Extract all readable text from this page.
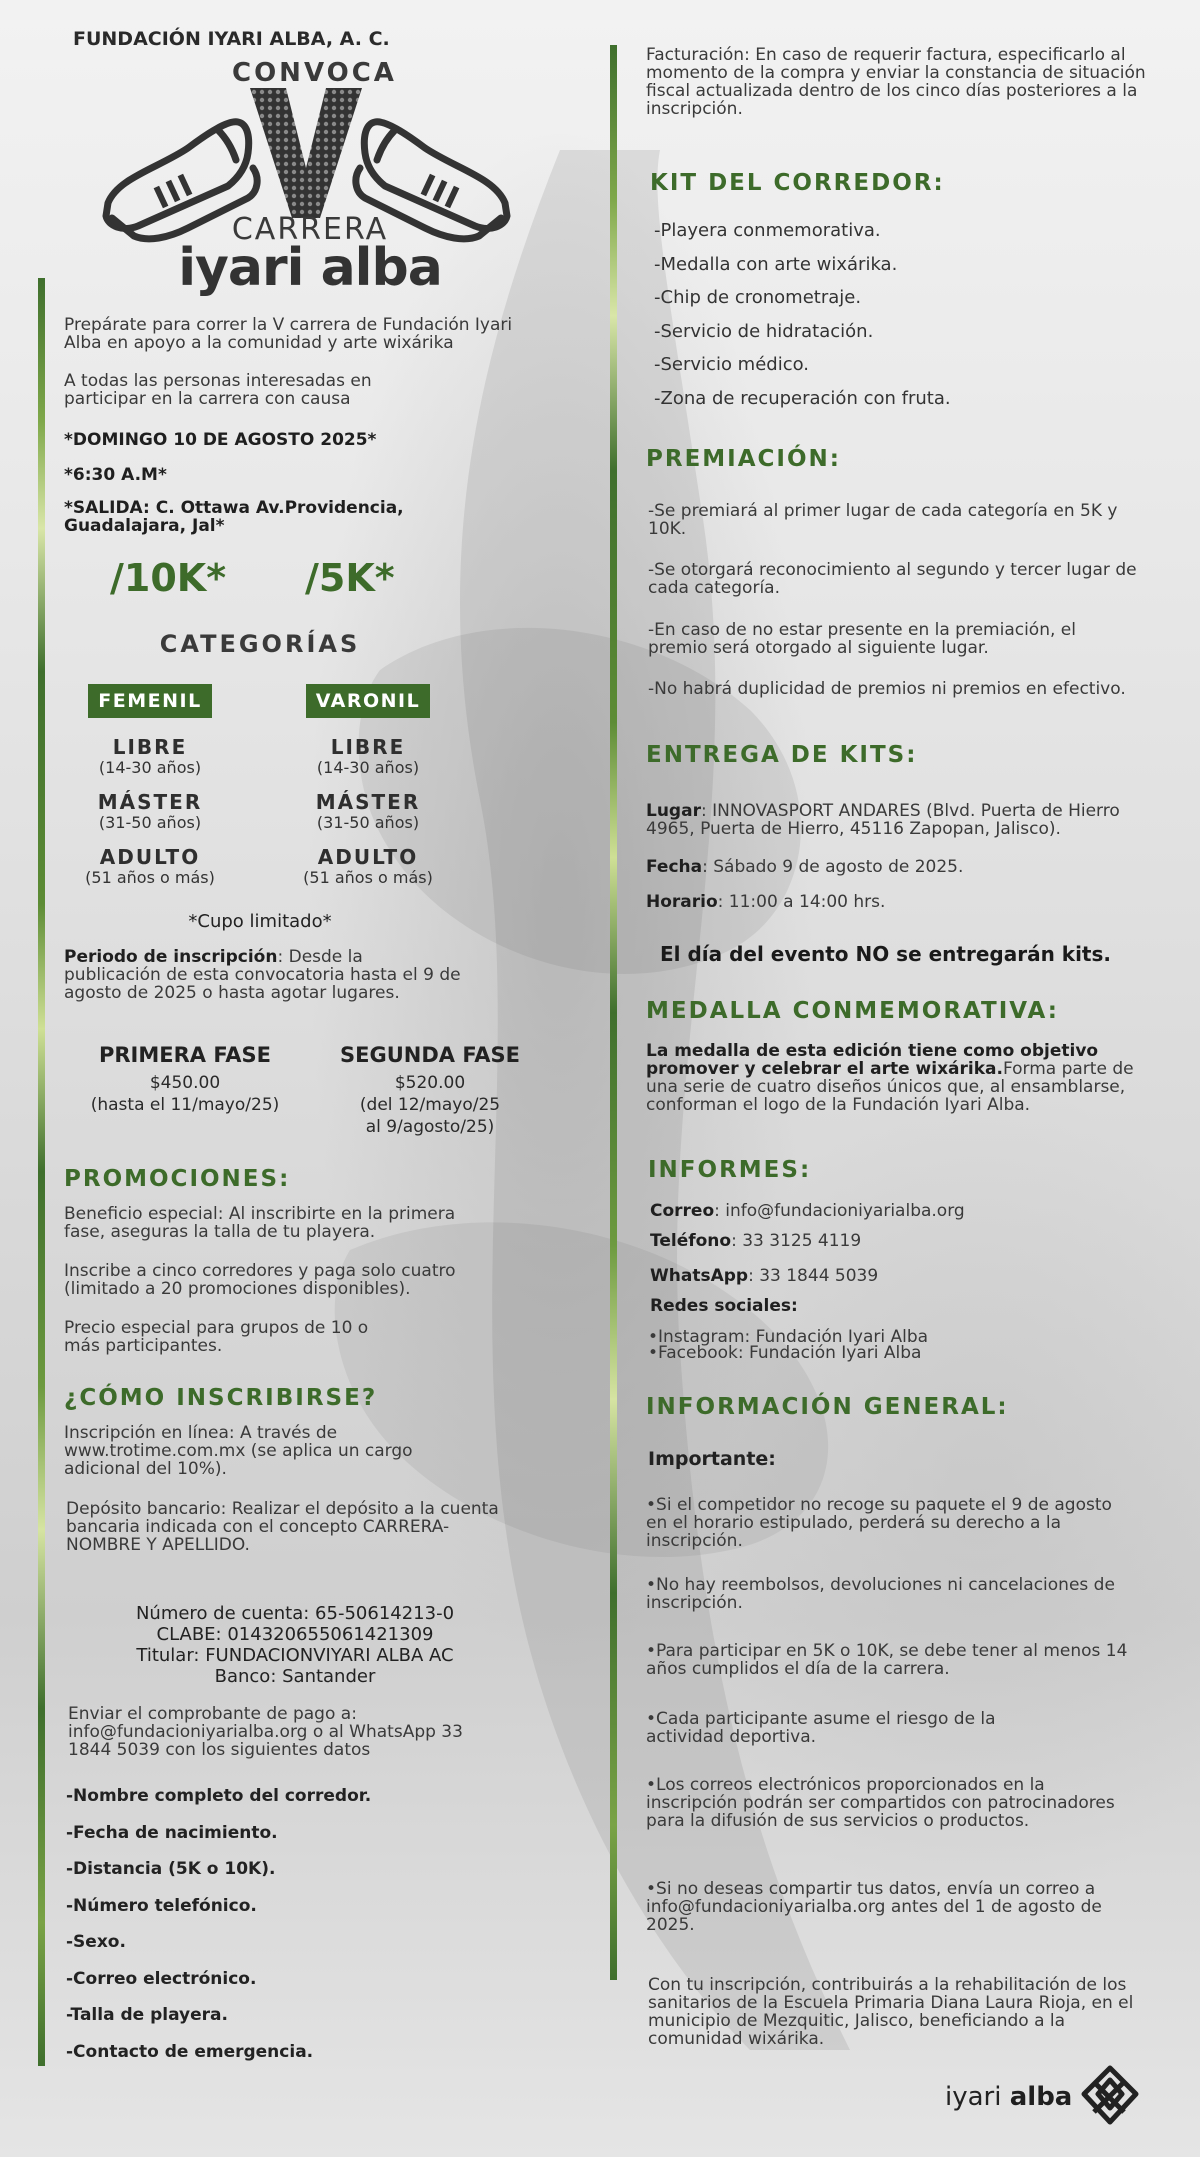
FUNDACIÓN IYARI ALBA, A. C.
CONVOCA
CARRERA
iyari alba
Prepárate para correr la V carrera de Fundación Iyari Alba en apoyo a la comunidad y arte wixárika
A todas las personas interesadas en participar en la carrera con causa
*DOMINGO 10 DE AGOSTO 2025*
*6:30 A.M*
*SALIDA: C. Ottawa Av.Providencia, Guadalajara, Jal*
/10K* /5K*
CATEGORÍAS
FEMENIL	VARONIL
LIBRE
(14-30 años)
MÁSTER
(31-50 años)
ADULTO
(51 años o más)
LIBRE
(14-30 años)
MÁSTER
(31-50 años)
ADULTO
(51 años o más)
*Cupo limitado*
Periodo de inscripción: Desde la publicación de esta convocatoria hasta el 9 de agosto de 2025 o hasta agotar lugares.
PRIMERA FASE
$450.00
(hasta el 11/mayo/25)
SEGUNDA FASE
$520.00
(del 12/mayo/25
al 9/agosto/25)
PROMOCIONES:
Beneficio especial: Al inscribirte en la primera fase, aseguras la talla de tu playera.
Inscribe a cinco corredores y paga solo cuatro (limitado a 20 promociones disponibles).
Precio especial para grupos de 10 o más participantes.
¿CÓMO INSCRIBIRSE?
Inscripción en línea: A través de www.trotime.com.mx (se aplica un cargo adicional del 10%).
Depósito bancario: Realizar el depósito a la cuenta bancaria indicada con el concepto CARRERA- NOMBRE Y APELLIDO.
Número de cuenta: 65-50614213-0
CLABE: 014320655061421309
Titular: FUNDACIONVIYARI ALBA AC
Banco: Santander
Enviar el comprobante de pago a: info@fundacioniyarialba.org o al WhatsApp 33 1844 5039 con los siguientes datos
-Nombre completo del corredor.
-Fecha de nacimiento.
-Distancia (5K o 10K).
-Número telefónico.
-Sexo.
-Correo electrónico.
-Talla de playera.
-Contacto de emergencia.
Facturación: En caso de requerir factura, especificarlo al momento de la compra y enviar la constancia de situación fiscal actualizada dentro de los cinco días posteriores a la inscripción.
KIT DEL CORREDOR:
-Playera conmemorativa.
-Medalla con arte wixárika.
-Chip de cronometraje.
-Servicio de hidratación.
-Servicio médico.
-Zona de recuperación con fruta.
PREMIACIÓN:
-Se premiará al primer lugar de cada categoría en 5K y 10K.
-Se otorgará reconocimiento al segundo y tercer lugar de cada categoría.
-En caso de no estar presente en la premiación, el premio será otorgado al siguiente lugar.
-No habrá duplicidad de premios ni premios en efectivo.
ENTREGA DE KITS:
Lugar: INNOVASPORT ANDARES (Blvd. Puerta de Hierro 4965, Puerta de Hierro, 45116 Zapopan, Jalisco).
Fecha: Sábado 9 de agosto de 2025.
Horario: 11:00 a 14:00 hrs.
El día del evento NO se entregarán kits.
MEDALLA CONMEMORATIVA:
La medalla de esta edición tiene como objetivo promover y celebrar el arte wixárika.Forma parte de una serie de cuatro diseños únicos que, al ensamblarse, conforman el logo de la Fundación Iyari Alba.
INFORMES:
Correo: info@fundacioniyarialba.org
Teléfono: 33 3125 4119
WhatsApp: 33 1844 5039
Redes sociales:
•Instagram: Fundación Iyari Alba
•Facebook: Fundación Iyari Alba
INFORMACIÓN GENERAL:
Importante:
•Si el competidor no recoge su paquete el 9 de agosto en el horario estipulado, perderá su derecho a la inscripción.
•No hay reembolsos, devoluciones ni cancelaciones de inscripción.
•Para participar en 5K o 10K, se debe tener al menos 14 años cumplidos el día de la carrera.
•Cada participante asume el riesgo de la actividad deportiva.
•Los correos electrónicos proporcionados en la inscripción podrán ser compartidos con patrocinadores para la difusión de sus servicios o productos.
•Si no deseas compartir tus datos, envía un correo a info@fundacioniyarialba.org antes del 1 de agosto de 2025.
Con tu inscripción, contribuirás a la rehabilitación de los sanitarios de la Escuela Primaria Diana Laura Rioja, en el municipio de Mezquitic, Jalisco, beneficiando a la comunidad wixárika.
iyari alba
